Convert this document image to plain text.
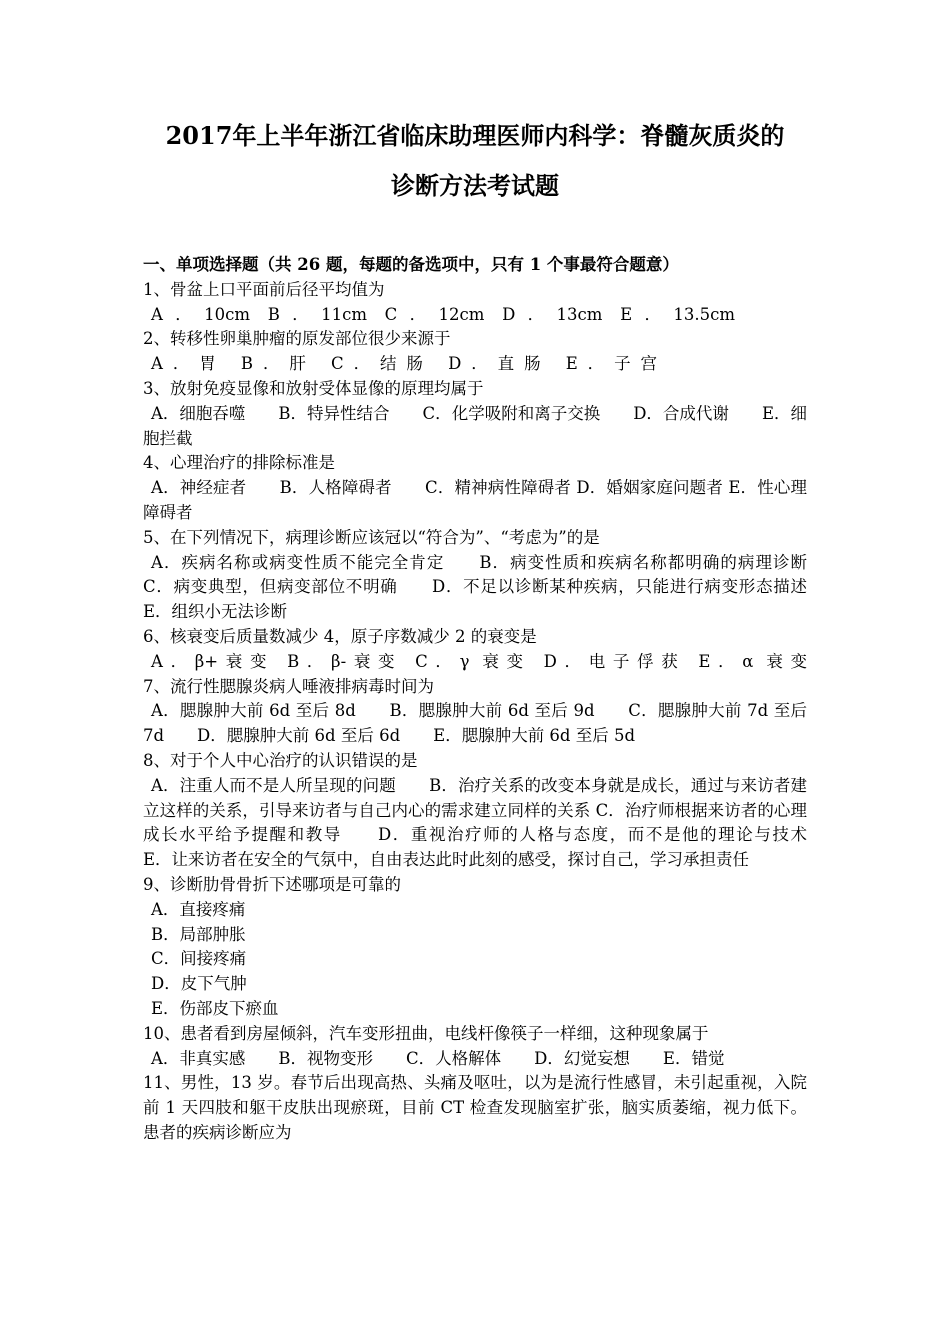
2017年上半年浙江省临床助理医师内科学：脊髓灰质炎的
诊断方法考试题
一、单项选择题（共 26 题，每题的备选项中，只有 1 个事最符合题意）
1、骨盆上口平面前后径平均值为
A．10cm B．11cm C．12cm D．13cm E．13.5cm
2、转移性卵巢肿瘤的原发部位很少来源于
A．胃 B．肝 C．结肠 D．直肠 E．子宫
3、放射免疫显像和放射受体显像的原理均属于
A．细胞吞噬　　B．特异性结合　　C．化学吸附和离子交换　　D．合成代谢　　E．细胞拦截
4、心理治疗的排除标准是
A．神经症者　　B．人格障碍者　　C．精神病性障碍者 D．婚姻家庭问题者 E．性心理障碍者
5、在下列情况下，病理诊断应该冠以“符合为”、“考虑为”的是
A．疾病名称或病变性质不能完全肯定　　B．病变性质和疾病名称都明确的病理诊断　　C．病变典型，但病变部位不明确　　D．不足以诊断某种疾病，只能进行病变形态描述　　E．组织小无法诊断
6、核衰变后质量数减少 4，原子序数减少 2 的衰变是
A．β+衰变 B．β-衰变 C．γ 衰变 D．电子俘获 E．α 衰变
7、流行性腮腺炎病人唾液排病毒时间为
A．腮腺肿大前 6d 至后 8d　　B．腮腺肿大前 6d 至后 9d　　C．腮腺肿大前 7d 至后 7d　　D．腮腺肿大前 6d 至后 6d　　E．腮腺肿大前 6d 至后 5d
8、对于个人中心治疗的认识错误的是
A．注重人而不是人所呈现的问题　　B．治疗关系的改变本身就是成长，通过与来访者建立这样的关系，引导来访者与自己内心的需求建立同样的关系 C．治疗师根据来访者的心理成长水平给予提醒和教导　　D．重视治疗师的人格与态度，而不是他的理论与技术　　E．让来访者在安全的气氛中，自由表达此时此刻的感受，探讨自己，学习承担责任
9、诊断肋骨骨折下述哪项是可靠的
A．直接疼痛
B．局部肿胀
C．间接疼痛
D．皮下气肿
E．伤部皮下瘀血
10、患者看到房屋倾斜，汽车变形扭曲，电线杆像筷子一样细，这种现象属于
A．非真实感　　B．视物变形　　C．人格解体　　D．幻觉妄想　　E．错觉
11、男性，13 岁。春节后出现高热、头痛及呕吐，以为是流行性感冒，未引起重视，入院前 1 天四肢和躯干皮肤出现瘀斑，目前 CT 检查发现脑室扩张，脑实质萎缩，视力低下。患者的疾病诊断应为
